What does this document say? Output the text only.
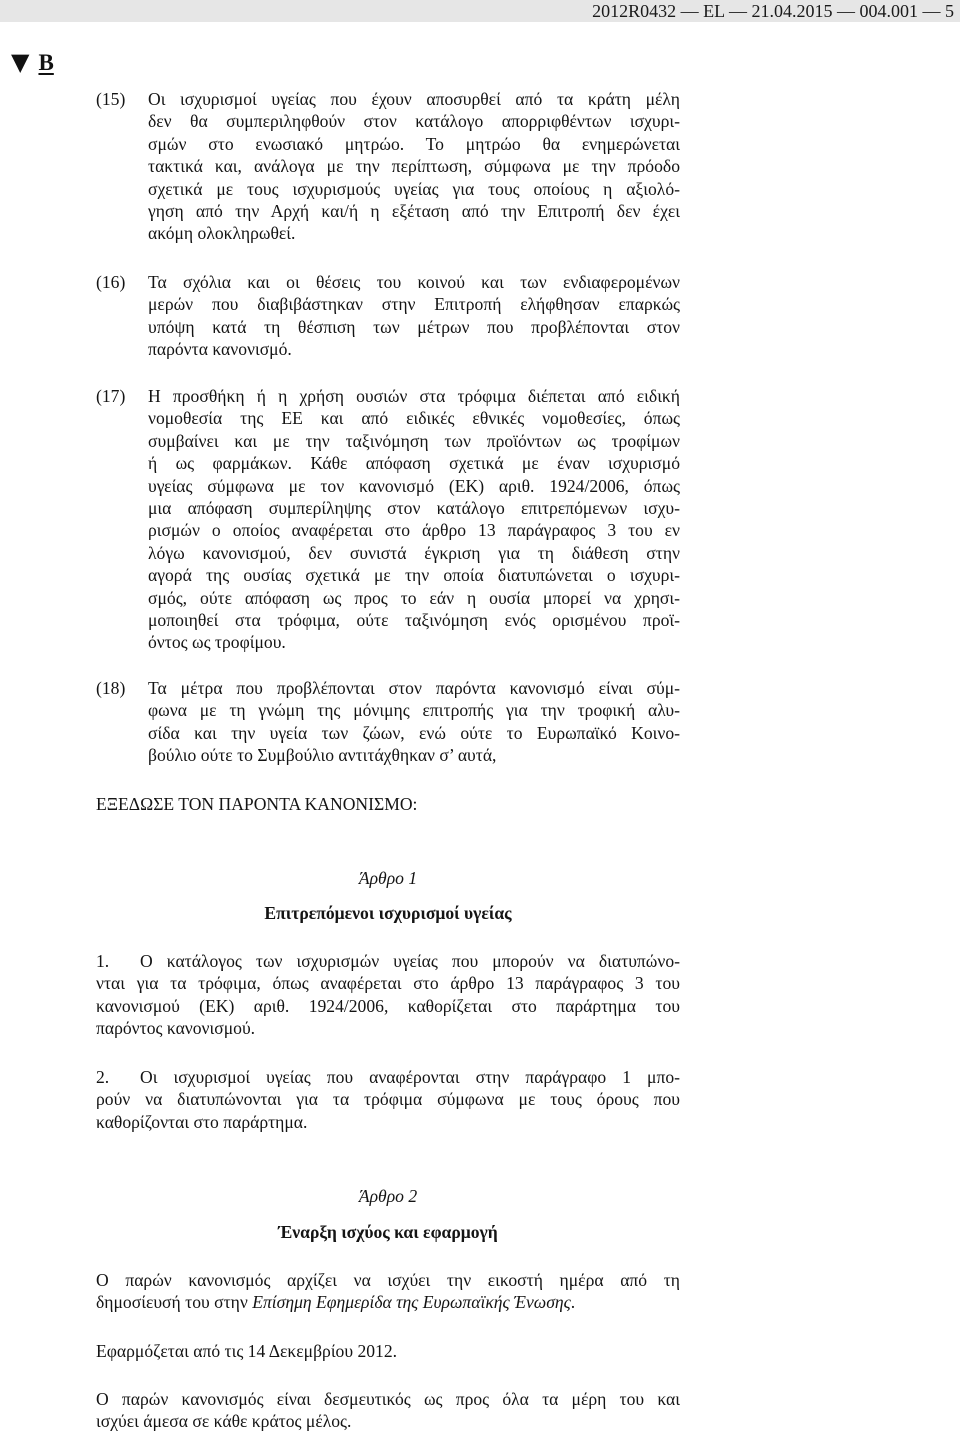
2012R0432 — EL — 21.04.2015 — 004.001 — 5
▼ B
(15) Οι ισχυρισμοί υγείας που έχουν αποσυρθεί από τα κράτη μέλη
δεν θα συμπεριληφθούν στον κατάλογο απορριφθέντων ισχυρι-
σμών στο ενωσιακό μητρώο. Το μητρώο θα ενημερώνεται
τακτικά και, ανάλογα με την περίπτωση, σύμφωνα με την πρόοδο
σχετικά με τους ισχυρισμούς υγείας για τους οποίους η αξιολό-
γηση από την Αρχή και/ή η εξέταση από την Επιτροπή δεν έχει
ακόμη ολοκληρωθεί.
(16) Τα σχόλια και οι θέσεις του κοινού και των ενδιαφερομένων
μερών που διαβιβάστηκαν στην Επιτροπή ελήφθησαν επαρκώς
υπόψη κατά τη θέσπιση των μέτρων που προβλέπονται στον
παρόντα κανονισμό.
(17) Η προσθήκη ή η χρήση ουσιών στα τρόφιμα διέπεται από ειδική
νομοθεσία της ΕΕ και από ειδικές εθνικές νομοθεσίες, όπως
συμβαίνει και με την ταξινόμηση των προϊόντων ως τροφίμων
ή ως φαρμάκων. Κάθε απόφαση σχετικά με έναν ισχυρισμό
υγείας σύμφωνα με τον κανονισμό (ΕΚ) αριθ. 1924/2006, όπως
μια απόφαση συμπερίληψης στον κατάλογο επιτρεπόμενων ισχυ-
ρισμών ο οποίος αναφέρεται στο άρθρο 13 παράγραφος 3 του εν
λόγω κανονισμού, δεν συνιστά έγκριση για τη διάθεση στην
αγορά της ουσίας σχετικά με την οποία διατυπώνεται ο ισχυρι-
σμός, ούτε απόφαση ως προς το εάν η ουσία μπορεί να χρησι-
μοποιηθεί στα τρόφιμα, ούτε ταξινόμηση ενός ορισμένου προϊ-
όντος ως τροφίμου.
(18) Τα μέτρα που προβλέπονται στον παρόντα κανονισμό είναι σύμ-
φωνα με τη γνώμη της μόνιμης επιτροπής για την τροφική αλυ-
σίδα και την υγεία των ζώων, ενώ ούτε το Ευρωπαϊκό Κοινο-
βούλιο ούτε το Συμβούλιο αντιτάχθηκαν σ’ αυτά,
ΕΞΕΔΩΣΕ ΤΟΝ ΠΑΡΟΝΤΑ ΚΑΝΟΝΙΣΜΟ:
Άρθρο 1
Επιτρεπόμενοι ισχυρισμοί υγείας
1.	Ο κατάλογος των ισχυρισμών υγείας που μπορούν να διατυπώνο-
νται για τα τρόφιμα, όπως αναφέρεται στο άρθρο 13 παράγραφος 3 του
κανονισμού (ΕΚ) αριθ. 1924/2006, καθορίζεται στο παράρτημα του
παρόντος κανονισμού.
2.	Οι ισχυρισμοί υγείας που αναφέρονται στην παράγραφο 1 μπο-
ρούν να διατυπώνονται για τα τρόφιμα σύμφωνα με τους όρους που
καθορίζονται στο παράρτημα.
Άρθρο 2
Έναρξη ισχύος και εφαρμογή
Ο παρών κανονισμός αρχίζει να ισχύει την εικοστή ημέρα από τη
δημοσίευσή του στην Επίσημη Εφημερίδα της Ευρωπαϊκής Ένωσης.
Εφαρμόζεται από τις 14 Δεκεμβρίου 2012.
Ο παρών κανονισμός είναι δεσμευτικός ως προς όλα τα μέρη του και
ισχύει άμεσα σε κάθε κράτος μέλος.
